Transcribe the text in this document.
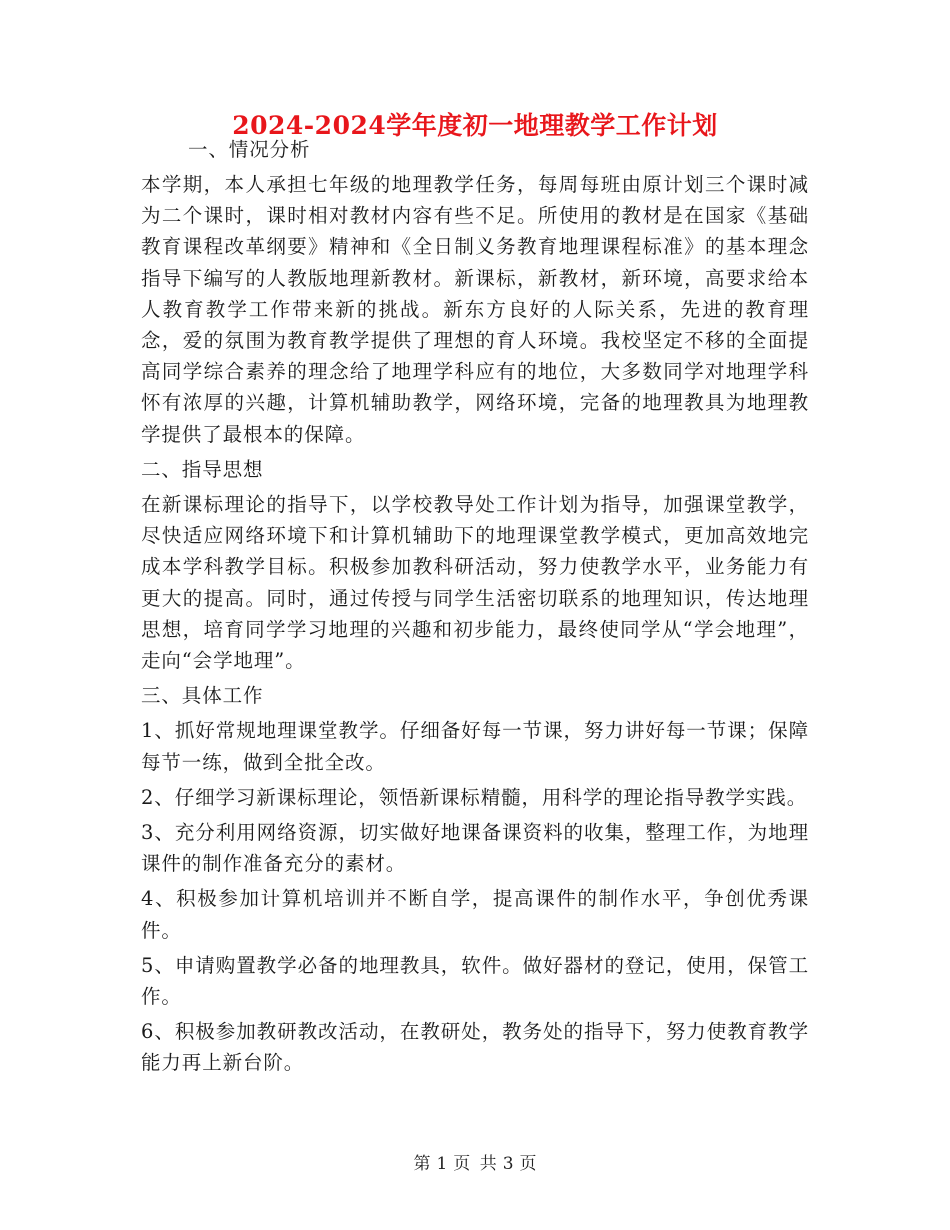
2024-2024学年度初一地理教学工作计划

一、情况分析

本学期，本人承担七年级的地理教学任务，每周每班由原计划三个课时减为二个课时，课时相对教材内容有些不足。所使用的教材是在国家《基础教育课程改革纲要》精神和《全日制义务教育地理课程标准》的基本理念指导下编写的人教版地理新教材。新课标，新教材，新环境，高要求给本人教育教学工作带来新的挑战。新东方良好的人际关系，先进的教育理念，爱的氛围为教育教学提供了理想的育人环境。我校坚定不移的全面提高同学综合素养的理念给了地理学科应有的地位，大多数同学对地理学科怀有浓厚的兴趣，计算机辅助教学，网络环境，完备的地理教具为地理教学提供了最根本的保障。

二、指导思想

在新课标理论的指导下，以学校教导处工作计划为指导，加强课堂教学，尽快适应网络环境下和计算机辅助下的地理课堂教学模式，更加高效地完成本学科教学目标。积极参加教科研活动，努力使教学水平，业务能力有更大的提高。同时，通过传授与同学生活密切联系的地理知识，传达地理思想，培育同学学习地理的兴趣和初步能力，最终使同学从“学会地理”，走向“会学地理”。

三、具体工作

1、抓好常规地理课堂教学。仔细备好每一节课，努力讲好每一节课；保障每节一练，做到全批全改。

2、仔细学习新课标理论，领悟新课标精髓，用科学的理论指导教学实践。

3、充分利用网络资源，切实做好地课备课资料的收集，整理工作，为地理课件的制作准备充分的素材。

4、积极参加计算机培训并不断自学，提高课件的制作水平，争创优秀课件。

5、申请购置教学必备的地理教具，软件。做好器材的登记，使用，保管工作。

6、积极参加教研教改活动，在教研处，教务处的指导下，努力使教育教学能力再上新台阶。

第 1 页 共 3 页
